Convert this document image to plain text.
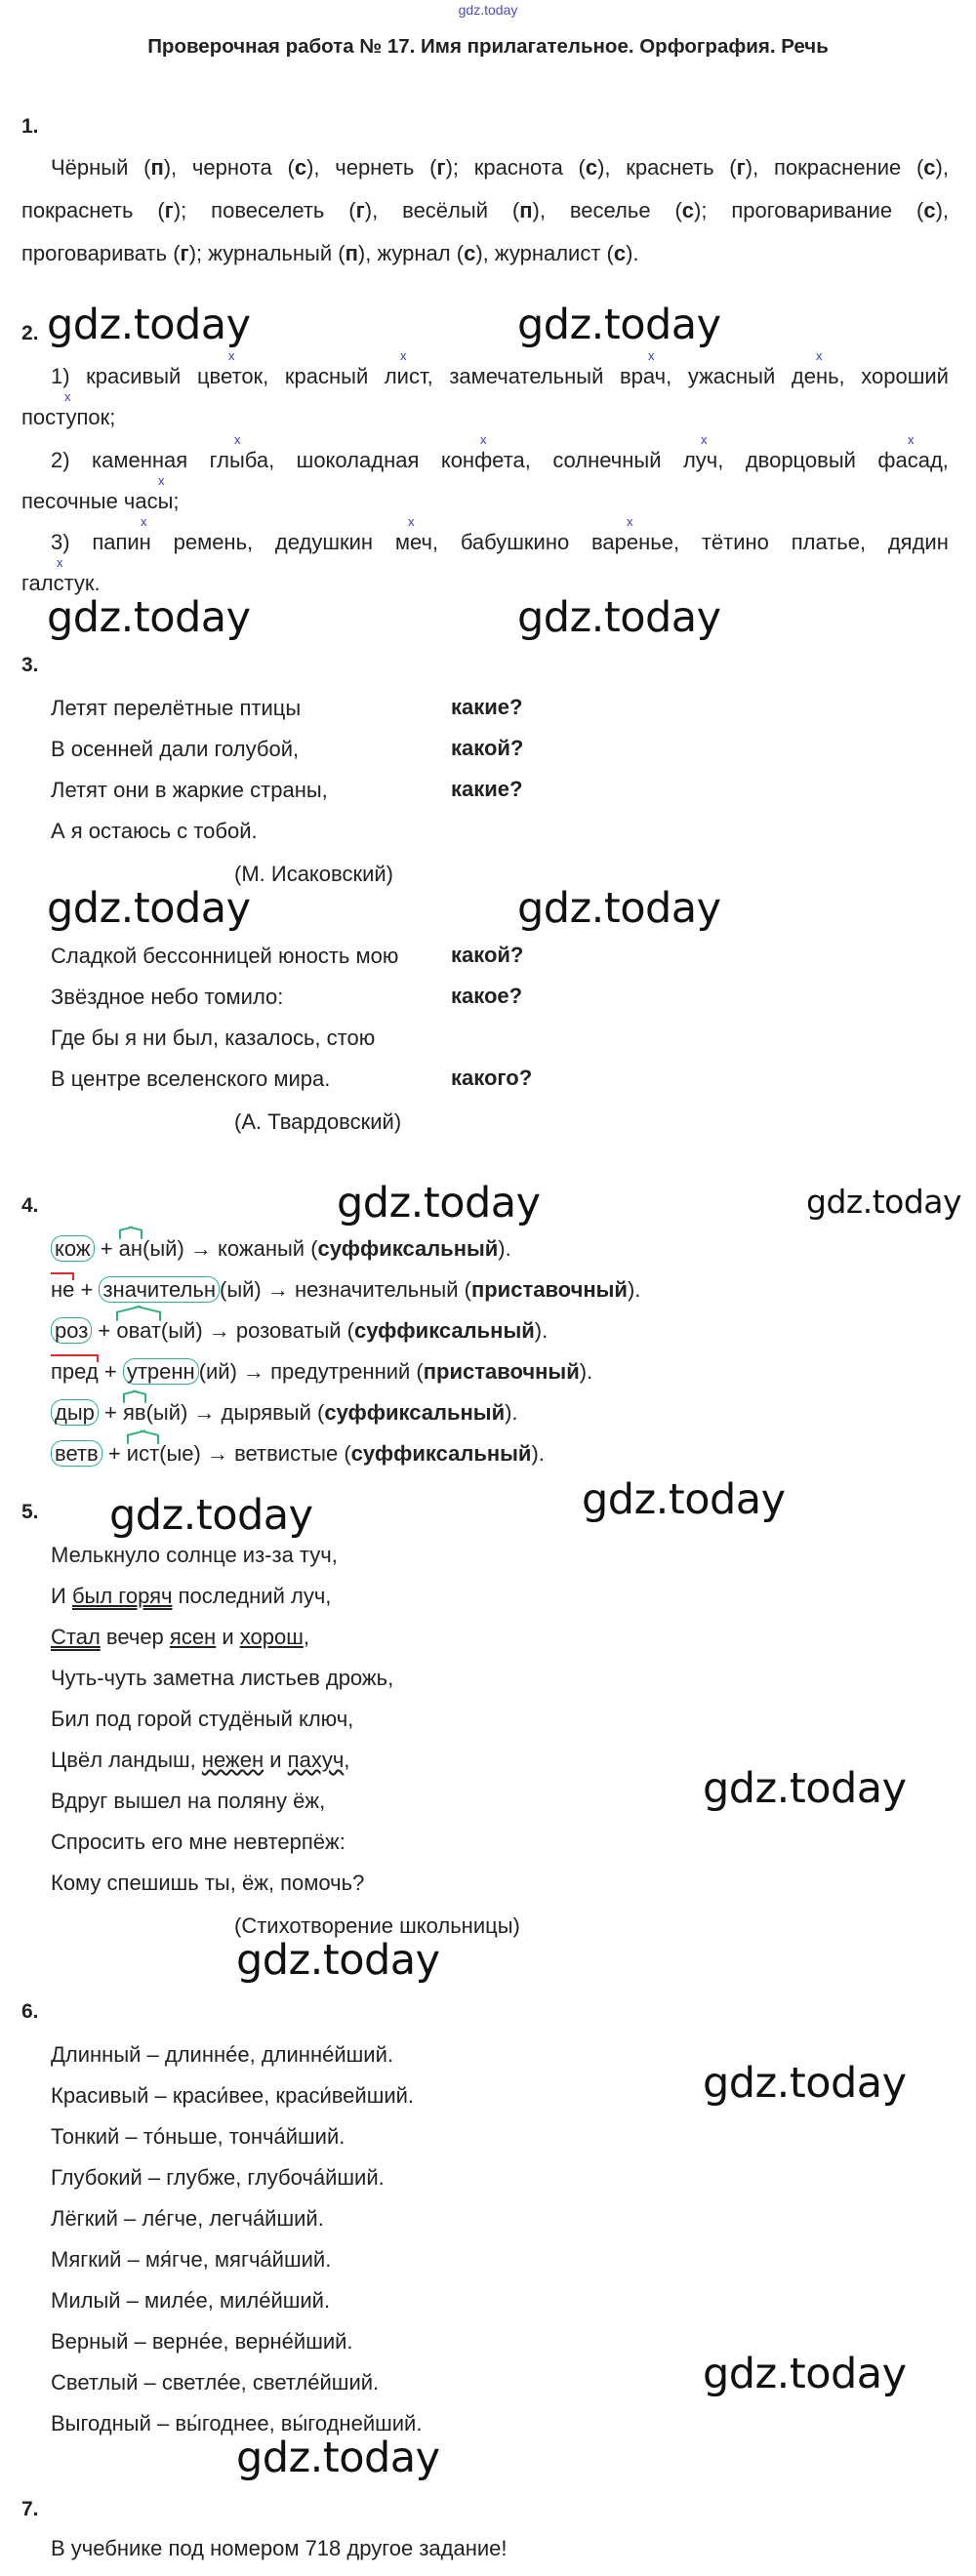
gdz.today
Проверочная работа № 17. Имя прилагательное. Орфография. Речь
1.
Чёрный (п), чернота (с), чернеть (г); краснота (с), краснеть (г), покраснение (с),
покраснеть (г); повеселеть (г), весёлый (п), веселье (с); проговаривание (с),
проговаривать (г); журнальный (п), журнал (с), журналист (с).
2. gdz.today	gdz.today
1) красивый цветок, красный лист, замечательный врач, ужасный день, хороший
поступок;
2) каменная глыба, шоколадная конфета, солнечный луч, дворцовый фасад,
песочные часы;
3) папин ремень, дедушкин меч, бабушкино варенье, тётино платье, дядин
галстук.
x	x	x	x
x
x	x	x	x
x
x	x	x
x
gdz.today	gdz.today
3.
Летят перелётные птицы	какие?
В осенней дали голубой,	какой?
Летят они в жаркие страны,	какие?
А я остаюсь с тобой.
(М. Исаковский)
gdz.today	gdz.today
Сладкой бессонницей юность мою какой?
Звёздное небо томило:	какое?
Где бы я ни был, казалось, стою
В центре вселенского мира.	какого?
(А. Твардовский)
4.	gdz.today	gdz.today
кож + ан(ый) → кожаный (суффиксальный).
не + значительн (ый) → незначительный (приставочный).
роз + оват(ый) → розоватый (суффиксальный).
пред + утренн (ий) → предутренний (приставочный).
дыр + яв(ый) → дырявый (суффиксальный).
ветв + ист(ые) → ветвистые (суффиксальный).
5. gdz.today	gdz.today
Мелькнуло солнце из-за туч,
И был горяч последний луч,
Стал вечер ясен и хорош,
Чуть-чуть заметна листьев дрожь,
Бил под горой студёный ключ,
Цвёл ландыш, нежен и пахуч,
gdz.today
Вдруг вышел на поляну ёж,
Спросить его мне невтерпёж:
Кому спешишь ты, ёж, помочь?
(Стихотворение школьницы)
gdz.today
6.
Длинный – длиннéе, длиннéйший.
Красивый – краси́вее, краси́вейший.
Тонкий – тóньше, тончáйший.
Глубокий – глубже, глубочáйший.
Лёгкий – лéгче, легчáйший.
Мягкий – мя́гче, мягчáйший.
Милый – милéе, милéйший.
Верный – вернéе, вернéйший.
Светлый – светлéе, светлéйший.
Выгодный – вы́годнее, вы́годнейший.
gdz.today
gdz.today
gdz.today
7.
В учебнике под номером 718 другое задание!
